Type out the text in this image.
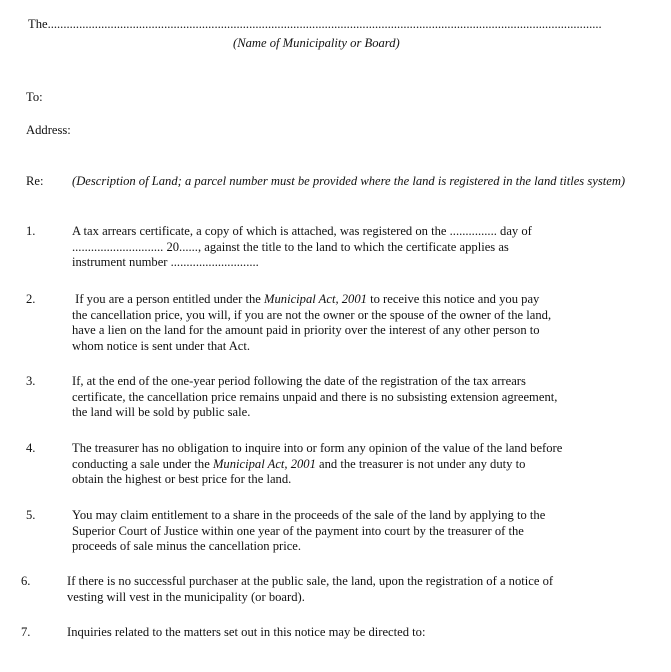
The................................................................................................................................................................................
(Name of Municipality or Board)
To:
Address:
Re: (Description of Land; a parcel number must be provided where the land is registered in the land titles system)
1.	A tax arrears certificate, a copy of which is attached, was registered on the ............... day of
............................. 20......, against the title to the land to which the certificate applies as
instrument number ............................
2.	If you are a person entitled under the Municipal Act, 2001 to receive this notice and you pay
the cancellation price, you will, if you are not the owner or the spouse of the owner of the land,
have a lien on the land for the amount paid in priority over the interest of any other person to
whom notice is sent under that Act.
3.	If, at the end of the one-year period following the date of the registration of the tax arrears
certificate, the cancellation price remains unpaid and there is no subsisting extension agreement,
the land will be sold by public sale.
4.	The treasurer has no obligation to inquire into or form any opinion of the value of the land before
conducting a sale under the Municipal Act, 2001 and the treasurer is not under any duty to
obtain the highest or best price for the land.
5.	You may claim entitlement to a share in the proceeds of the sale of the land by applying to the
Superior Court of Justice within one year of the payment into court by the treasurer of the
proceeds of sale minus the cancellation price.
6.	If there is no successful purchaser at the public sale, the land, upon the registration of a notice of
vesting will vest in the municipality (or board).
7.	Inquiries related to the matters set out in this notice may be directed to:
